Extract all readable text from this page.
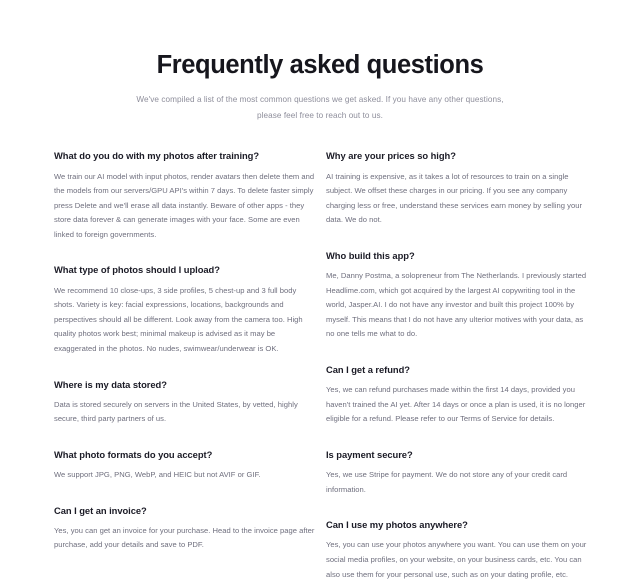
Frequently asked questions
We've compiled a list of the most common questions we get asked. If you have any other questions,
please feel free to reach out to us.
What do you do with my photos after training?
We train our AI model with input photos, render avatars then delete them and the models from our servers/GPU API's within 7 days. To delete faster simply press Delete and we'll erase all data instantly. Beware of other apps - they store data forever & can generate images with your face. Some are even linked to foreign governments.
What type of photos should I upload?
We recommend 10 close-ups, 3 side profiles, 5 chest-up and 3 full body shots. Variety is key: facial expressions, locations, backgrounds and perspectives should all be different. Look away from the camera too. High quality photos work best; minimal makeup is advised as it may be exaggerated in the photos. No nudes, swimwear/underwear is OK.
Where is my data stored?
Data is stored securely on servers in the United States, by vetted, highly secure, third party partners of us.
What photo formats do you accept?
We support JPG, PNG, WebP, and HEIC but not AVIF or GIF.
Can I get an invoice?
Yes, you can get an invoice for your purchase. Head to the invoice page after purchase, add your details and save to PDF.
Why are your prices so high?
AI training is expensive, as it takes a lot of resources to train on a single subject. We offset these charges in our pricing. If you see any company charging less or free, understand these services earn money by selling your data. We do not.
Who build this app?
Me, Danny Postma, a solopreneur from The Netherlands. I previously started Headlime.com, which got acquired by the largest AI copywriting tool in the world, Jasper.AI. I do not have any investor and built this project 100% by myself. This means that I do not have any ulterior motives with your data, as no one tells me what to do.
Can I get a refund?
Yes, we can refund purchases made within the first 14 days, provided you haven't trained the AI yet. After 14 days or once a plan is used, it is no longer eligible for a refund. Please refer to our Terms of Service for details.
Is payment secure?
Yes, we use Stripe for payment. We do not store any of your credit card information.
Can I use my photos anywhere?
Yes, you can use your photos anywhere you want. You can use them on your social media profiles, on your website, on your business cards, etc. You can also use them for your personal use, such as on your dating profile, etc.
